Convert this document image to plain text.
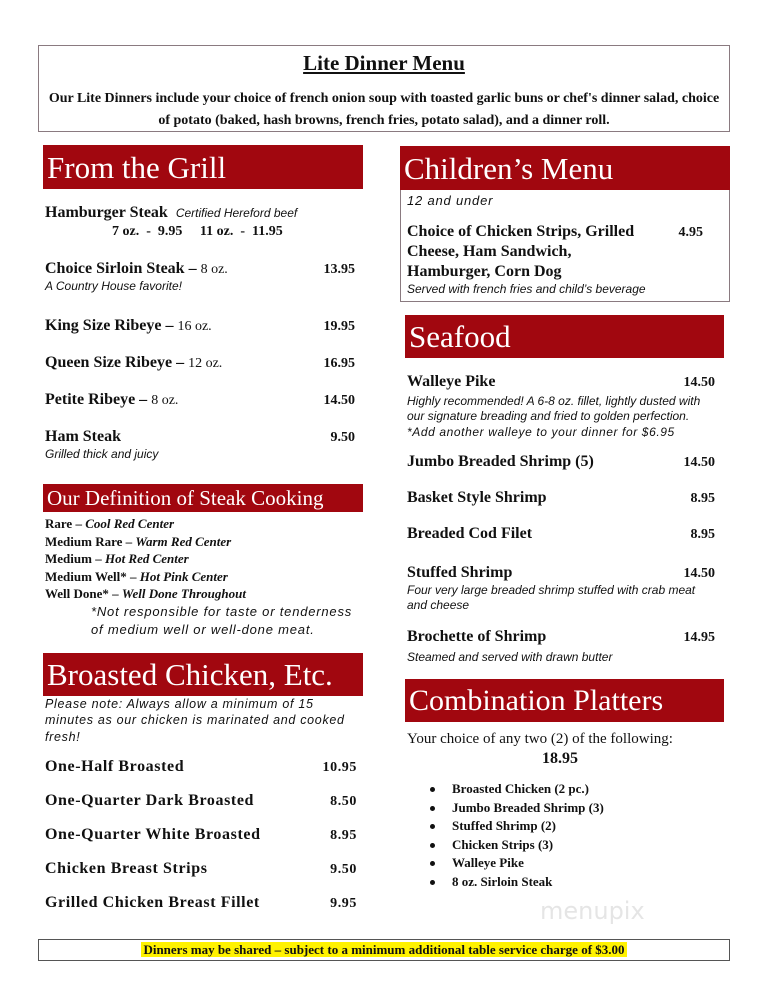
Lite Dinner Menu
Our Lite Dinners include your choice of french onion soup with toasted garlic buns or chef's dinner salad, choice of potato (baked, hash browns, french fries, potato salad), and a dinner roll.
From the Grill
Hamburger Steak Certified Hereford beef
7 oz.  -  9.95     11 oz.  -  11.95
Choice Sirloin Steak – 8 oz.	13.95
A Country House favorite!
King Size Ribeye – 16 oz.	19.95
Queen Size Ribeye – 12 oz.	16.95
Petite Ribeye – 8 oz.	14.50
Ham Steak	9.50
Grilled thick and juicy
Our Definition of Steak Cooking
Rare – Cool Red Center
Medium Rare – Warm Red Center
Medium – Hot Red Center
Medium Well* – Hot Pink Center
Well Done* – Well Done Throughout
*Not responsible for taste or tenderness of medium well or well-done meat.
Broasted Chicken, Etc.
Please note: Always allow a minimum of 15 minutes as our chicken is marinated and cooked fresh!
One-Half Broasted	10.95
One-Quarter Dark Broasted	8.50
One-Quarter White Broasted	8.95
Chicken Breast Strips	9.50
Grilled Chicken Breast Fillet	9.95
Children’s Menu
12 and under
Choice of Chicken Strips, Grilled Cheese, Ham Sandwich, Hamburger, Corn Dog
4.95
Served with french fries and child’s beverage
Seafood
Walleye Pike	14.50
Highly recommended! A 6-8 oz. fillet, lightly dusted with our signature breading and fried to golden perfection.
*Add another walleye to your dinner for $6.95
Jumbo Breaded Shrimp (5)	14.50
Basket Style Shrimp	8.95
Breaded Cod Filet	8.95
Stuffed Shrimp	14.50
Four very large breaded shrimp stuffed with crab meat and cheese
Brochette of Shrimp	14.95
Steamed and served with drawn butter
Combination Platters
Your choice of any two (2) of the following:
18.95
Broasted Chicken (2 pc.)
Jumbo Breaded Shrimp (3)
Stuffed Shrimp (2)
Chicken Strips (3)
Walleye Pike
8 oz. Sirloin Steak
menupix
Dinners may be shared – subject to a minimum additional table service charge of $3.00
